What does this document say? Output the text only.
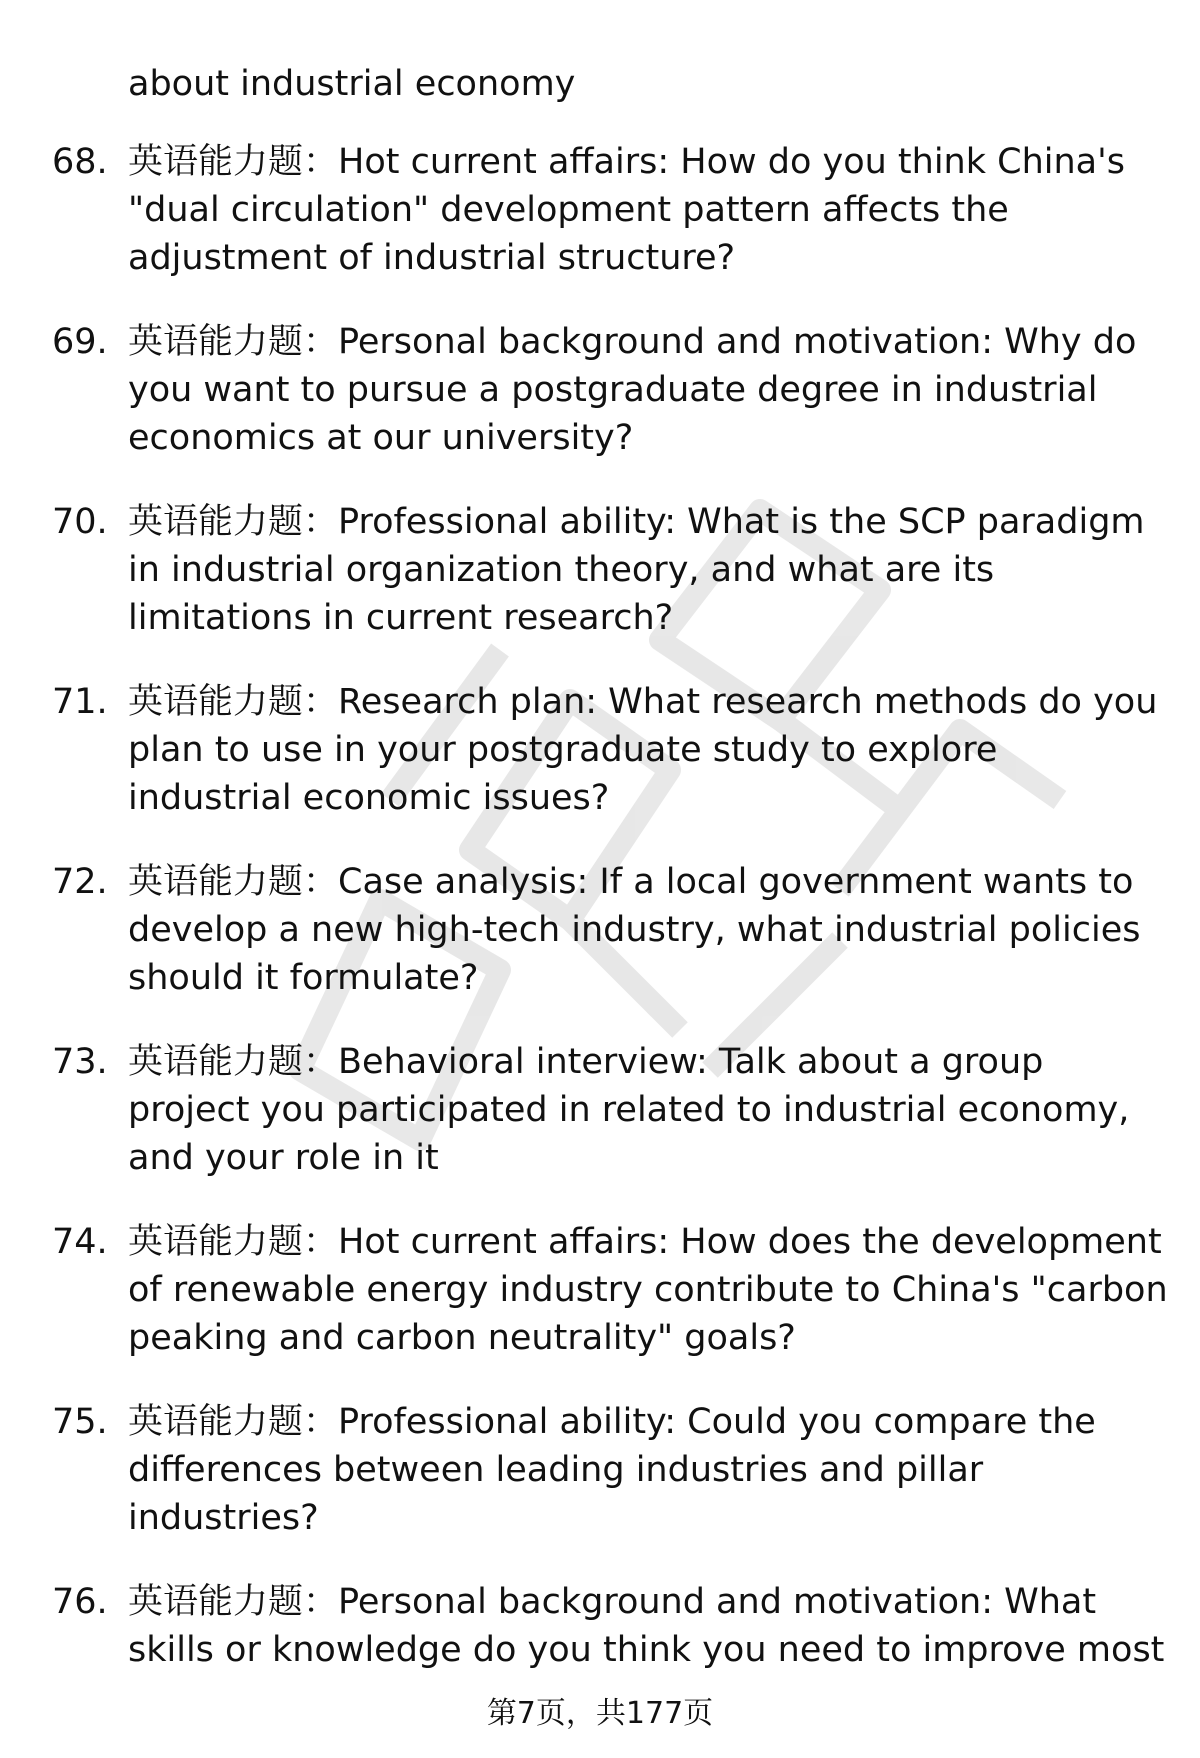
about industrial economy
68. 英语能力题：Hot current affairs: How do you think China's "dual circulation" development pattern affects the adjustment of industrial structure?

69. 英语能力题：Personal background and motivation: Why do you want to pursue a postgraduate degree in industrial economics at our university?

70. 英语能力题：Professional ability: What is the SCP paradigm in industrial organization theory, and what are its limitations in current research?

71. 英语能力题：Research plan: What research methods do you plan to use in your postgraduate study to explore industrial economic issues?

72. 英语能力题：Case analysis: If a local government wants to develop a new high-tech industry, what industrial policies should it formulate?

73. 英语能力题：Behavioral interview: Talk about a group project you participated in related to industrial economy, and your role in it

74. 英语能力题：Hot current affairs: How does the development of renewable energy industry contribute to China's "carbon peaking and carbon neutrality" goals?

75. 英语能力题：Professional ability: Could you compare the differences between leading industries and pillar industries?

76. 英语能力题：Personal background and motivation: What skills or knowledge do you think you need to improve most

第7页，共177页
